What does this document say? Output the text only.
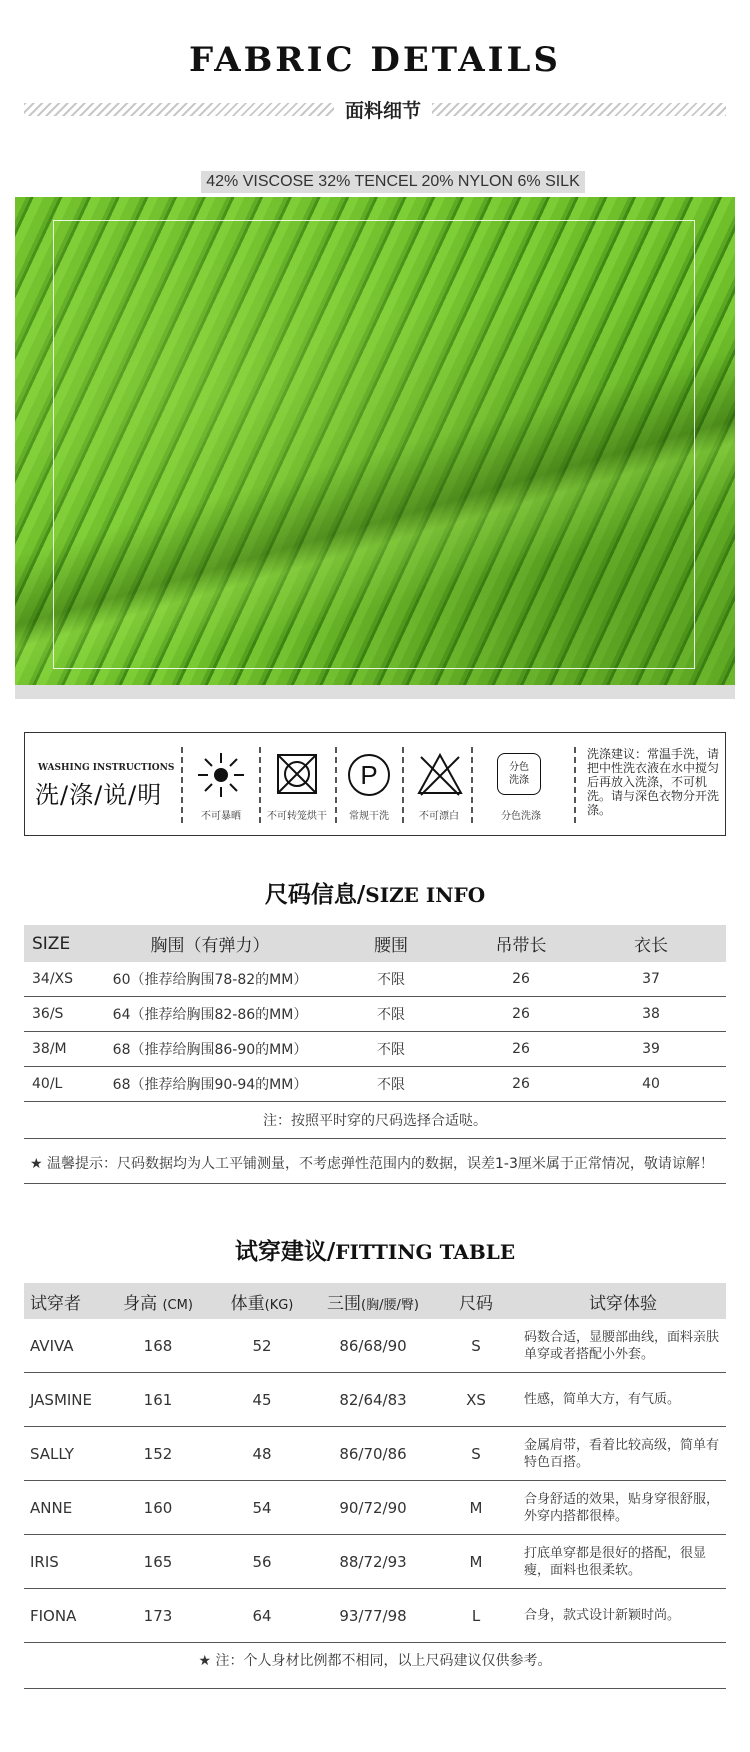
FABRIC DETAILS
面料细节
42% VISCOSE 32% TENCEL 20% NYLON 6% SILK
WASHING INSTRUCTIONS
洗/涤/说/明
不可暴晒	不可转笼烘干
P
常规干洗	不可漂白
分色
洗涤
分色洗涤
洗涤建议：常温手洗，请把中性洗衣液在水中搅匀后再放入洗涤，不可机洗。请与深色衣物分开洗涤。
尺码信息/SIZE INFO
SIZE	胸围（有弹力）	腰围	吊带长	衣长
34/XS	60（推荐给胸围78-82的MM）	不限	26	37
36/S	64（推荐给胸围82-86的MM）	不限	26	38
38/M	68（推荐给胸围86-90的MM）	不限	26	39
40/L	68（推荐给胸围90-94的MM）	不限	26	40
注：按照平时穿的尺码选择合适哒。
★ 温馨提示：尺码数据均为人工平铺测量，不考虑弹性范围内的数据，误差1-3厘米属于正常情况，敬请谅解！
试穿建议/FITTING TABLE
试穿者	身高 (CM)	体重(KG)	三围(胸/腰/臀)	尺码	试穿体验
AVIVA	168	52	86/68/90	S	码数合适，显腰部曲线，面料亲肤 单穿或者搭配小外套。
JASMINE	161	45	82/64/83	XS	性感，简单大方，有气质。
SALLY	152	48	86/70/86	S	金属肩带，看着比较高级，简单有特色百搭。
ANNE	160	54	90/72/90	M	合身舒适的效果，贴身穿很舒服，外穿内搭都很棒。
IRIS	165	56	88/72/93	M	打底单穿都是很好的搭配，很显瘦，面料也很柔软。
FIONA	173	64	93/77/98	L	合身，款式设计新颖时尚。
★ 注：个人身材比例都不相同，以上尺码建议仅供参考。
